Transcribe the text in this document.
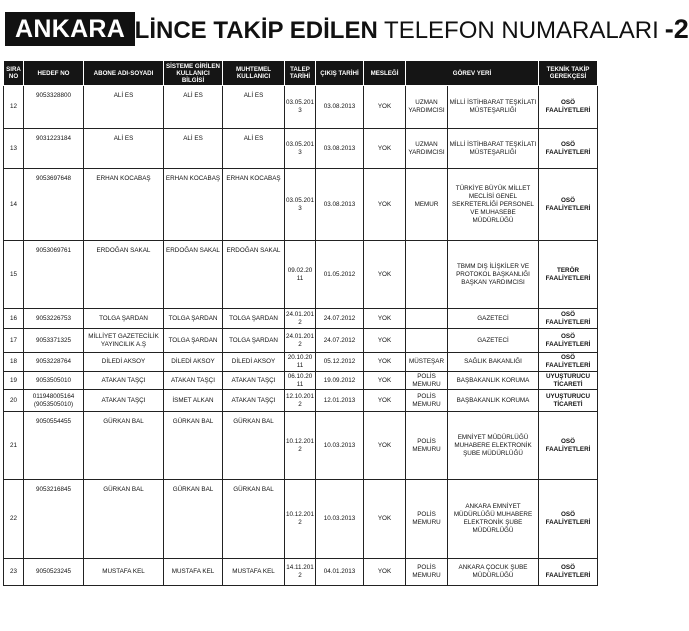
ANKARA İLİNCE TAKİP EDİLEN TELEFON NUMARALARI -2
SIRA NO	HEDEF NO	ABONE ADI-SOYADI	SİSTEME GİRİLEN KULLANICI BİLGİSİ	MUHTEMEL KULLANICI	TALEP TARİHİ	ÇIKIŞ TARİHİ	MESLEĞİ	GÖREV YERİ		TEKNİK TAKİP GEREKÇESİ
12	9053328800	ALİ ES	ALİ ES	ALİ ES	03.05.2013	03.08.2013	YOK	UZMAN YARDIMCISI	MİLLİ İSTİHBARAT TEŞKİLATI MÜSTEŞARLIĞI	OSÖ FAALİYETLERİ
13	9031223184	ALİ ES	ALİ ES	ALİ ES	03.05.2013	03.08.2013	YOK	UZMAN YARDIMCISI	MİLLİ İSTİHBARAT TEŞKİLATI MÜSTEŞARLIĞI	OSÖ FAALİYETLERİ
14	9053697648	ERHAN KOCABAŞ	ERHAN KOCABAŞ	ERHAN KOCABAŞ	03.05.2013	03.08.2013	YOK	MEMUR	TÜRKİYE BÜYÜK MİLLET MECLİSİ GENEL SEKRETERLİĞİ PERSONEL VE MUHASEBE MÜDÜRLÜĞÜ	OSÖ FAALİYETLERİ
15	9053069761	ERDOĞAN SAKAL	ERDOĞAN SAKAL	ERDOĞAN SAKAL	09.02.2011	01.05.2012	YOK		TBMM DIŞ İLİŞKİLER VE PROTOKOL BAŞKANLIĞI BAŞKAN YARDIMCISI	TERÖR FAALİYETLERİ
16	9053226753	TOLGA ŞARDAN	TOLGA ŞARDAN	TOLGA ŞARDAN	24.01.2012	24.07.2012	YOK		GAZETECİ	OSÖ FAALİYETLERİ
17	9053371325	MİLLİYET GAZETECİLİK YAYINCILIK A.Ş	TOLGA ŞARDAN	TOLGA ŞARDAN	24.01.2012	24.07.2012	YOK		GAZETECİ	OSÖ FAALİYETLERİ
18	9053228764	DİLEDİ AKSOY	DİLEDİ AKSOY	DİLEDİ AKSOY	20.10.2011	05.12.2012	YOK	MÜSTEŞAR	SAĞLIK BAKANLIĞI	OSÖ FAALİYETLERİ
19	9053505010	ATAKAN TAŞÇI	ATAKAN TAŞÇI	ATAKAN TAŞÇI	06.10.2011	19.09.2012	YOK	POLİS MEMURU	BAŞBAKANLIK KORUMA	UYUŞTURUCU TİCARETİ
20	011948005164 (9053505010)	ATAKAN TAŞÇI	İSMET ALKAN	ATAKAN TAŞÇI	12.10.2012	12.01.2013	YOK	POLİS MEMURU	BAŞBAKANLIK KORUMA	UYUŞTURUCU TİCARETİ
21	9050554455	GÜRKAN BAL	GÜRKAN BAL	GÜRKAN BAL	10.12.2012	10.03.2013	YOK	POLİS MEMURU	EMNİYET MÜDÜRLÜĞÜ MUHABERE ELEKTRONİK ŞUBE MÜDÜRLÜĞÜ	OSÖ FAALİYETLERİ
22	9053216845	GÜRKAN BAL	GÜRKAN BAL	GÜRKAN BAL	10.12.2012	10.03.2013	YOK	POLİS MEMURU	ANKARA EMNİYET MÜDÜRLÜĞÜ MUHABERE ELEKTRONİK ŞUBE MÜDÜRLÜĞÜ	OSÖ FAALİYETLERİ
23	9050523245	MUSTAFA KEL	MUSTAFA KEL	MUSTAFA KEL	14.11.2012	04.01.2013	YOK	POLİS MEMURU	ANKARA ÇOCUK ŞUBE MÜDÜRLÜĞÜ	OSÖ FAALİYETLERİ
